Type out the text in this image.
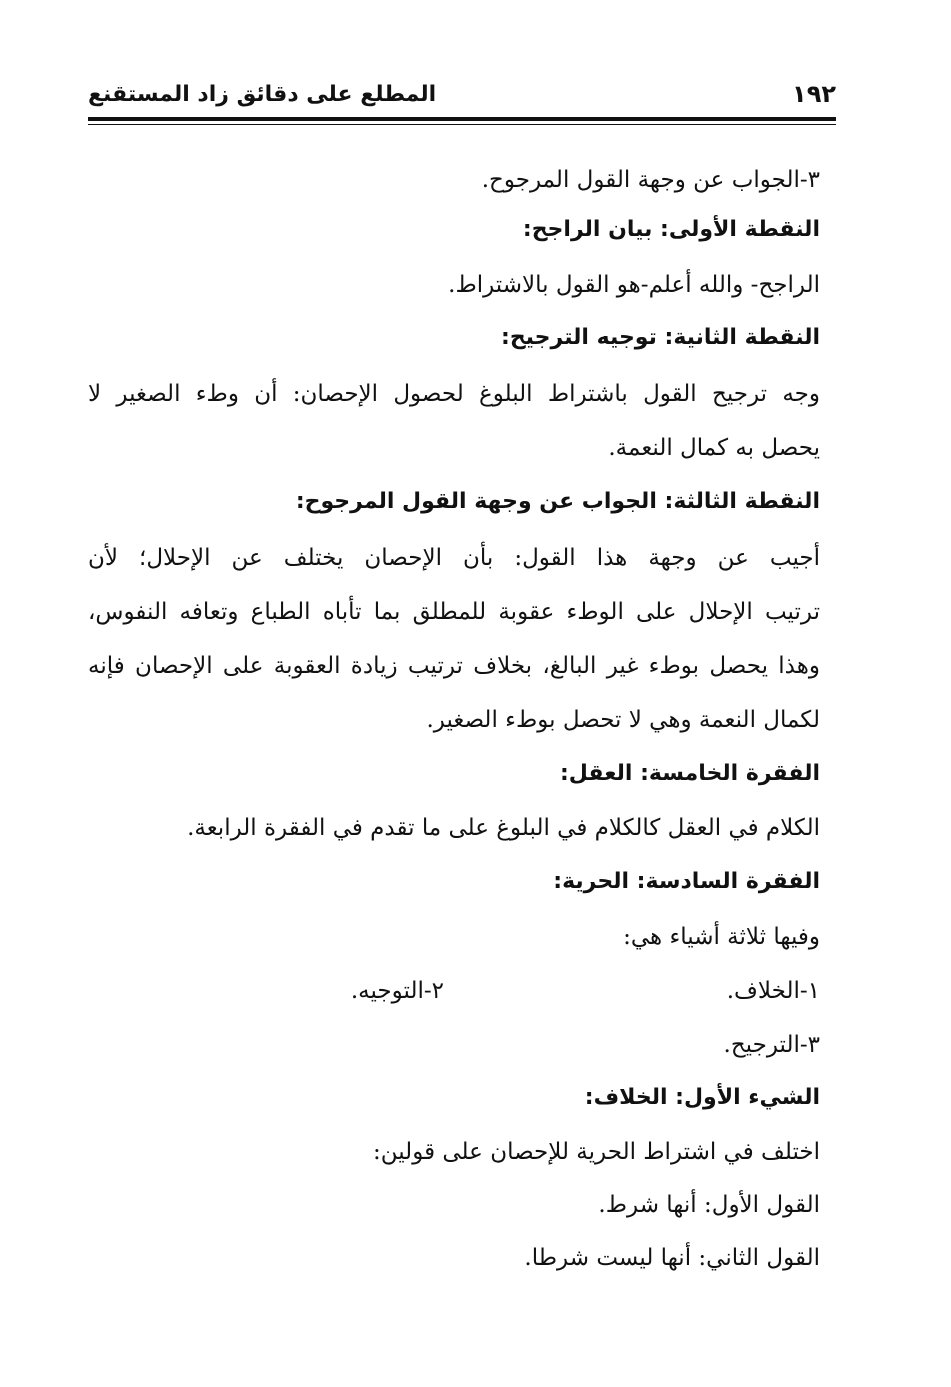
١٩٢
المطلع على دقائق زاد المستقنع
٣-الجواب عن وجهة القول المرجوح.
النقطة الأولى: بيان الراجح:
الراجح- والله أعلم-هو القول بالاشتراط.
النقطة الثانية: توجيه الترجيح:
وجه ترجيح القول باشتراط البلوغ لحصول الإحصان: أن وطء الصغير لا
يحصل به كمال النعمة.
النقطة الثالثة: الجواب عن وجهة القول المرجوح:
أجيب عن وجهة هذا القول: بأن الإحصان يختلف عن الإحلال؛ لأن
ترتيب الإحلال على الوطء عقوبة للمطلق بما تأباه الطباع وتعافه النفوس،
وهذا يحصل بوطء غير البالغ، بخلاف ترتيب زيادة العقوبة على الإحصان فإنه
لكمال النعمة وهي لا تحصل بوطء الصغير.
الفقرة الخامسة: العقل:
الكلام في العقل كالكلام في البلوغ على ما تقدم في الفقرة الرابعة.
الفقرة السادسة: الحرية:
وفيها ثلاثة أشياء هي:
١-الخلاف.
٢-التوجيه.
٣-الترجيح.
الشيء الأول: الخلاف:
اختلف في اشتراط الحرية للإحصان على قولين:
القول الأول: أنها شرط.
القول الثاني: أنها ليست شرطا.
